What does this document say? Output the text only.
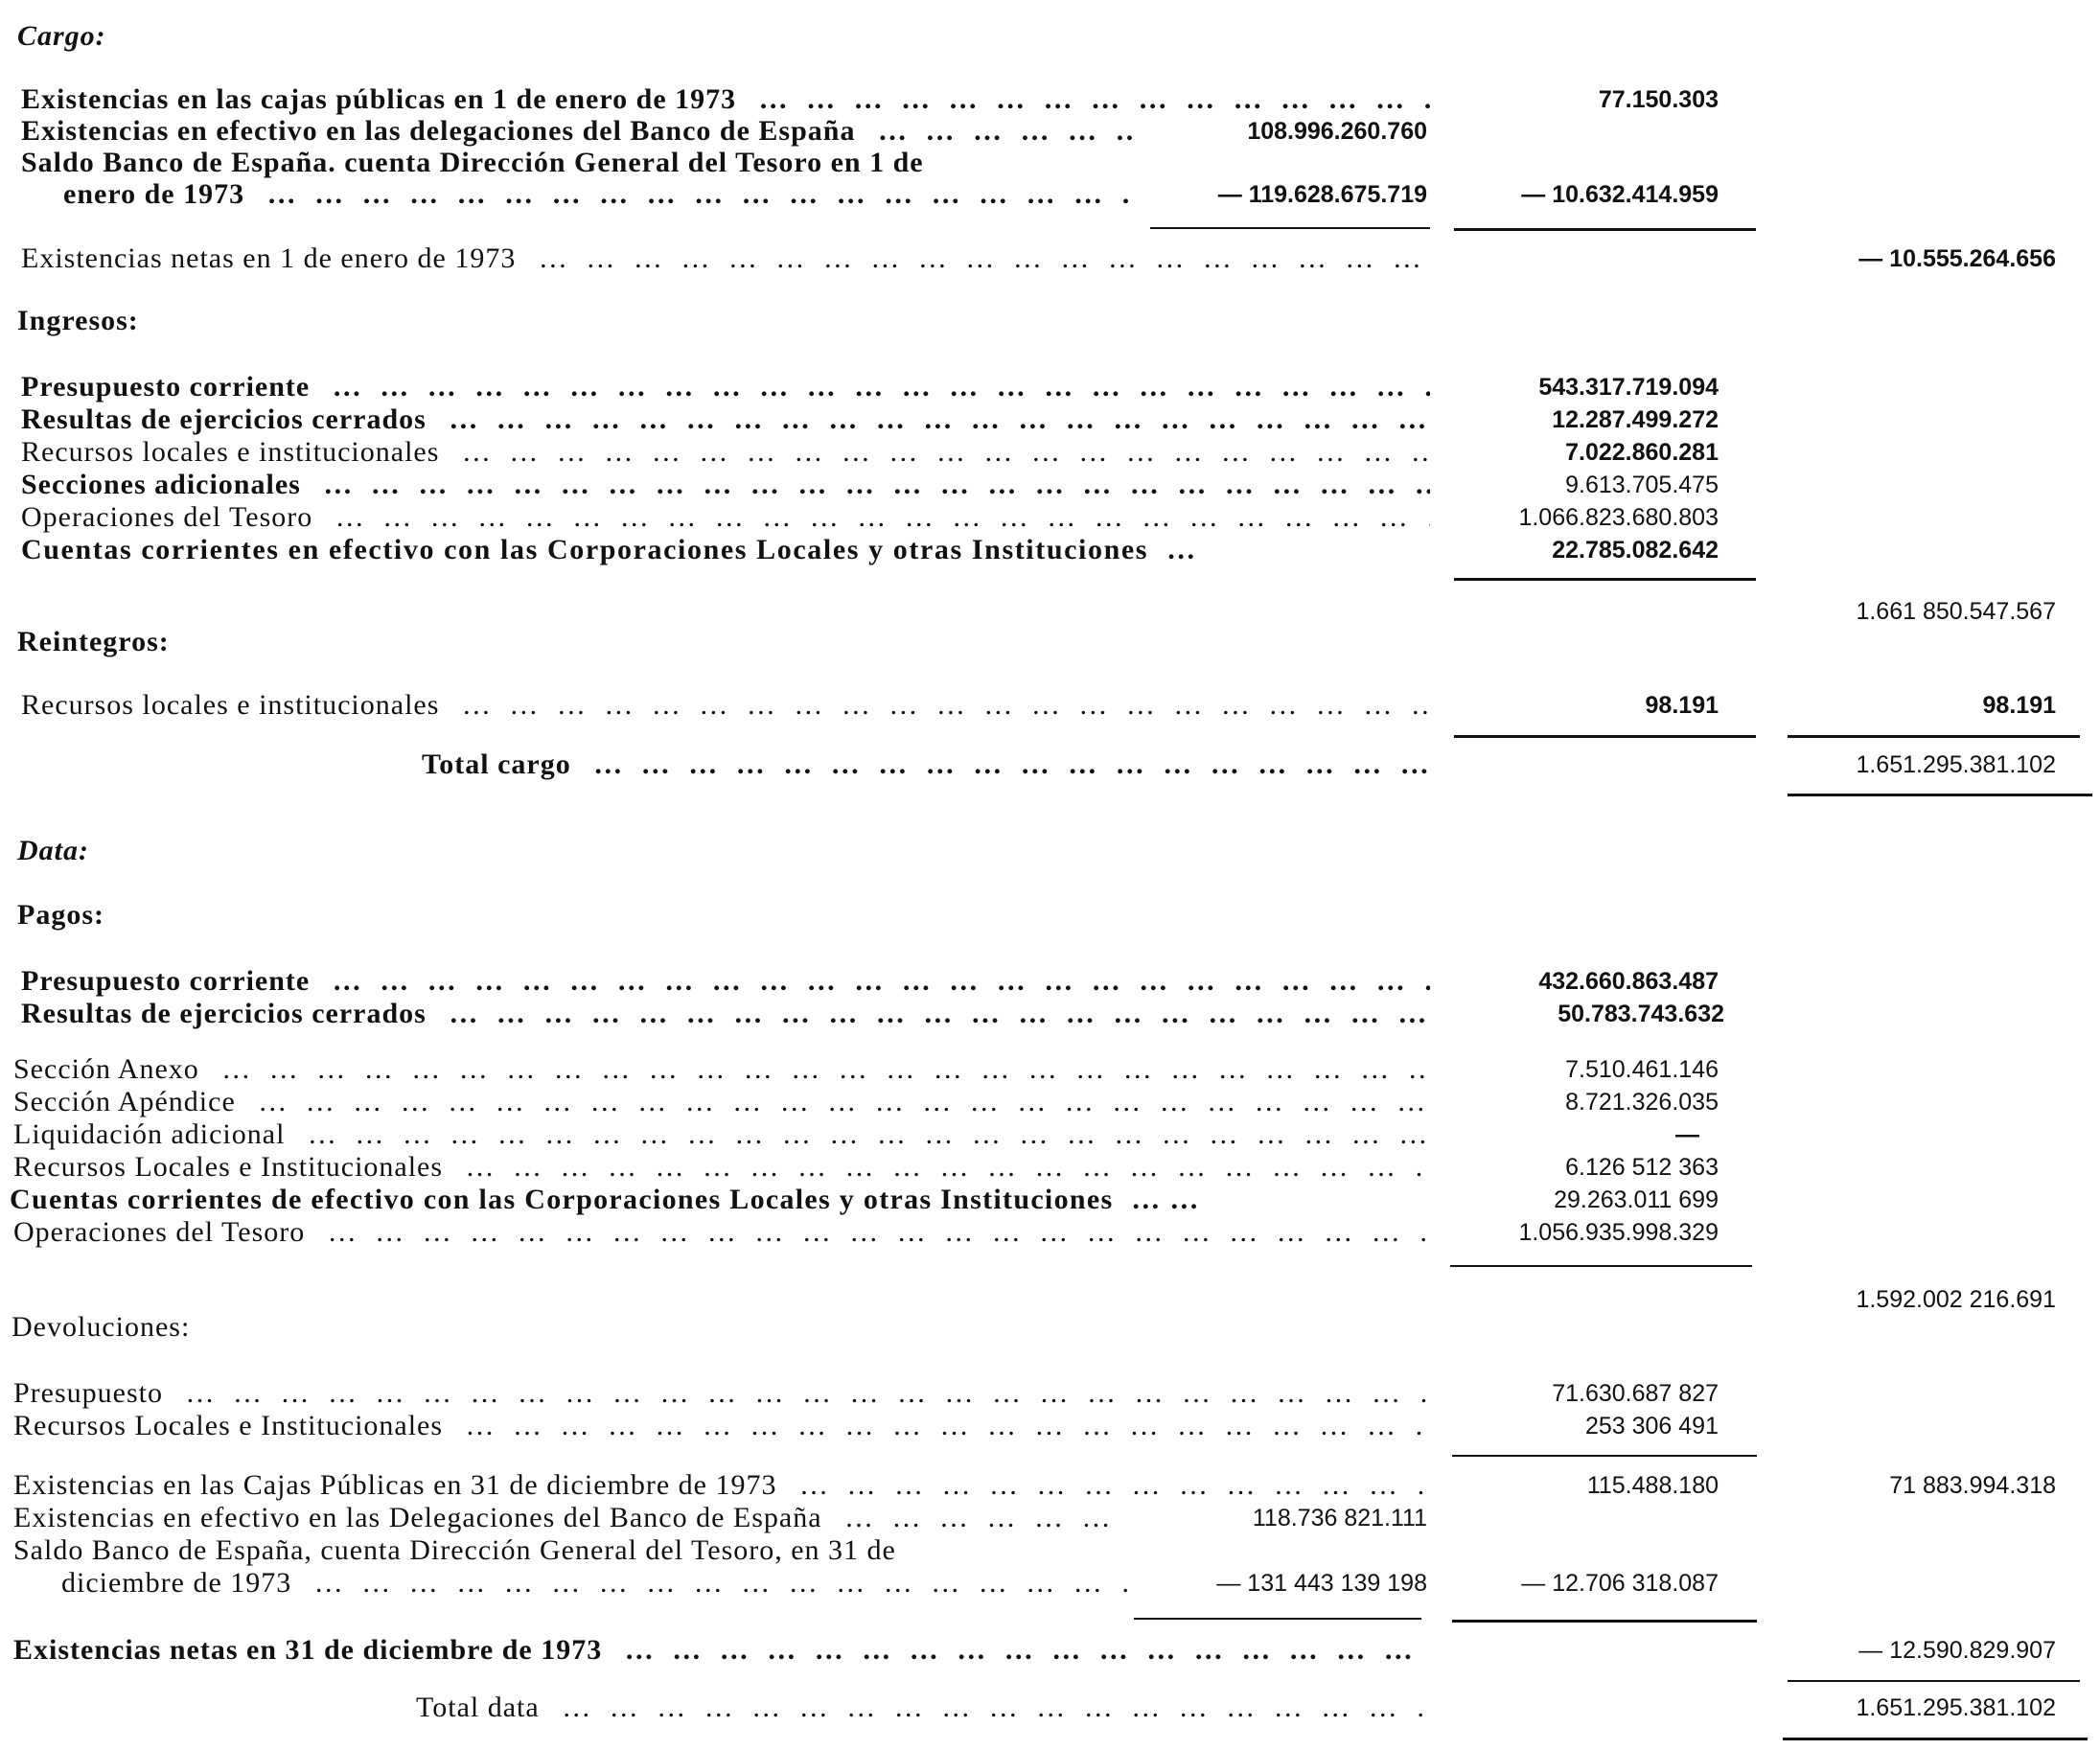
Cargo:
Existencias en las cajas públicas en 1 de enero de 1973 … … … … … … … … … … … … … … … … … … … … … … … … … … … … … … … … … … … … … … … … … … … … … … … … … … … … … … …	77.150.303
Existencias en efectivo en las delegaciones del Banco de España … … … … … … … … … … … … … … … … … … … … … … … … … … … … … … … … … … … … … … … … … … … … … … … … … … … … … … …	108.996.260.760
Saldo Banco de España. cuenta Dirección General del Tesoro en 1 de
enero de 1973 … … … … … … … … … … … … … … … … … … … … … … … … … … … … … … … … … … … … … … … … … … … … … … … … … … … … … … …	— 119.628.675.719	— 10.632.414.959
Existencias netas en 1 de enero de 1973 … … … … … … … … … … … … … … … … … … … … … … … … … … … … … … … … … … … … … … … … … … … … … … … … … … … … … … …	— 10.555.264.656
Ingresos:
Presupuesto corriente … … … … … … … … … … … … … … … … … … … … … … … … … … … … … … … … … … … … … … … … … … … … … … … … … … … … … … …	543.317.719.094
Resultas de ejercicios cerrados … … … … … … … … … … … … … … … … … … … … … … … … … … … … … … … … … … … … … … … … … … … … … … … … … … … … … … …	12.287.499.272
Recursos locales e institucionales … … … … … … … … … … … … … … … … … … … … … … … … … … … … … … … … … … … … … … … … … … … … … … … … … … … … … … …	7.022.860.281
Secciones adicionales … … … … … … … … … … … … … … … … … … … … … … … … … … … … … … … … … … … … … … … … … … … … … … … … … … … … … … …	9.613.705.475
Operaciones del Tesoro … … … … … … … … … … … … … … … … … … … … … … … … … … … … … … … … … … … … … … … … … … … … … … … … … … … … … … …	1.066.823.680.803
Cuentas corrientes en efectivo con las Corporaciones Locales y otras Instituciones …	22.785.082.642
1.661 850.547.567
Reintegros:
Recursos locales e institucionales … … … … … … … … … … … … … … … … … … … … … … … … … … … … … … … … … … … … … … … … … … … … … … … … … … … … … … …	98.191	98.191
Total cargo … … … … … … … … … … … … … … … … … … … … … … … … … … … … … … … … … … … … … … … … … … … … … … … … … … … … … … …	1.651.295.381.102
Data:
Pagos:
Presupuesto corriente … … … … … … … … … … … … … … … … … … … … … … … … … … … … … … … … … … … … … … … … … … … … … … … … … … … … … … …	432.660.863.487
Resultas de ejercicios cerrados … … … … … … … … … … … … … … … … … … … … … … … … … … … … … … … … … … … … … … … … … … … … … … … … … … … … … … …	50.783.743.632
Sección Anexo … … … … … … … … … … … … … … … … … … … … … … … … … … … … … … … … … … … … … … … … … … … … … … … … … … … … … … …	7.510.461.146
Sección Apéndice … … … … … … … … … … … … … … … … … … … … … … … … … … … … … … … … … … … … … … … … … … … … … … … … … … … … … … …	8.721.326.035
Liquidación adicional … … … … … … … … … … … … … … … … … … … … … … … … … … … … … … … … … … … … … … … … … … … … … … … … … … … … … … …	—
Recursos Locales e Institucionales … … … … … … … … … … … … … … … … … … … … … … … … … … … … … … … … … … … … … … … … … … … … … … … … … … … … … … …	6.126 512 363
Cuentas corrientes de efectivo con las Corporaciones Locales y otras Instituciones … …	29.263.011 699
Operaciones del Tesoro … … … … … … … … … … … … … … … … … … … … … … … … … … … … … … … … … … … … … … … … … … … … … … … … … … … … … … …	1.056.935.998.329
1.592.002 216.691
Devoluciones:
Presupuesto … … … … … … … … … … … … … … … … … … … … … … … … … … … … … … … … … … … … … … … … … … … … … … … … … … … … … … …	71.630.687 827
Recursos Locales e Institucionales … … … … … … … … … … … … … … … … … … … … … … … … … … … … … … … … … … … … … … … … … … … … … … … … … … … … … … …	253 306 491
Existencias en las Cajas Públicas en 31 de diciembre de 1973 … … … … … … … … … … … … … … … … … … … … … … … … … … … … … … … … … … … … … … … … … … … … … … … … … … … … … … …	115.488.180	71 883.994.318
Existencias en efectivo en las Delegaciones del Banco de España … … … … … … … … … … … … … … … … … … … … … … … … … … … … … … … … … … … … … … … … … … … … … … … … … … … … … … …	118.736 821.111
Saldo Banco de España, cuenta Dirección General del Tesoro, en 31 de
diciembre de 1973 … … … … … … … … … … … … … … … … … … … … … … … … … … … … … … … … … … … … … … … … … … … … … … … … … … … … … … …	— 131 443 139 198	— 12.706 318.087
Existencias netas en 31 de diciembre de 1973 … … … … … … … … … … … … … … … … … … … … … … … … … … … … … … … … … … … … … … … … … … … … … … … … … … … … … … …	— 12.590.829.907
Total data … … … … … … … … … … … … … … … … … … … … … … … … … … … … … … … … … … … … … … … … … … … … … … … … … … … … … … …	1.651.295.381.102
